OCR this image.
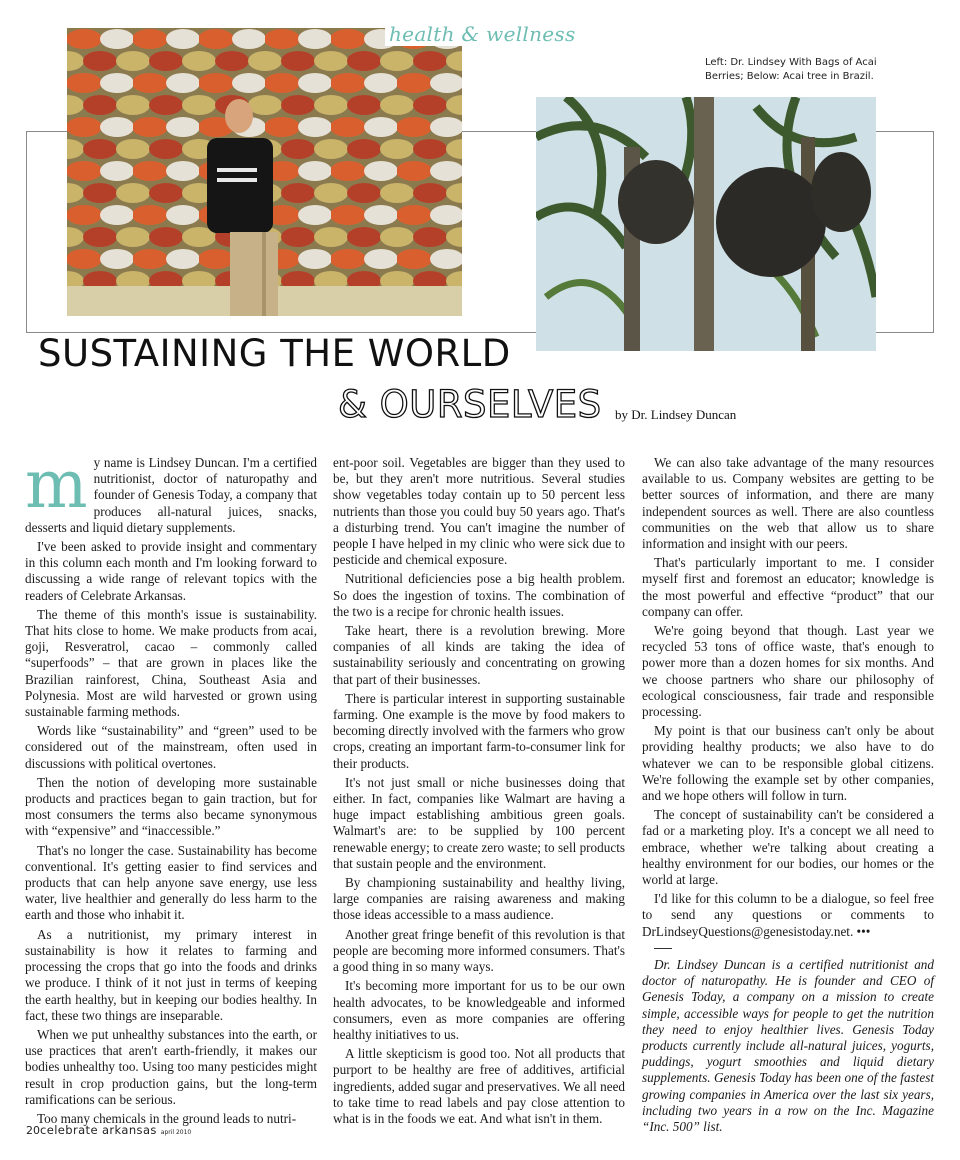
health & wellness
Left: Dr. Lindsey With Bags of Acai Berries; Below: Acai tree in Brazil.
SUSTAINING THE WORLD
& OURSELVES by Dr. Lindsey Duncan

my name is Lindsey Duncan. I'm a certified nutritionist, doctor of naturopathy and founder of Genesis Today, a company that produces all-natural juices, snacks, desserts and liquid dietary supplements.

I've been asked to provide insight and commentary in this column each month and I'm looking forward to discussing a wide range of relevant topics with the readers of Celebrate Arkansas.

The theme of this month's issue is sustainability. That hits close to home. We make products from acai, goji, Resveratrol, cacao – commonly called “superfoods” – that are grown in places like the Brazilian rainforest, China, Southeast Asia and Polynesia. Most are wild harvested or grown using sustainable farming methods.

Words like “sustainability” and “green” used to be considered out of the mainstream, often used in discussions with political overtones.

Then the notion of developing more sustainable products and practices began to gain traction, but for most consumers the terms also became synonymous with “expensive” and “inaccessible.”

That's no longer the case. Sustainability has become conventional. It's getting easier to find services and products that can help anyone save energy, use less water, live healthier and generally do less harm to the earth and those who inhabit it.

As a nutritionist, my primary interest in sustainability is how it relates to farming and processing the crops that go into the foods and drinks we produce. I think of it not just in terms of keeping the earth healthy, but in keeping our bodies healthy. In fact, these two things are inseparable.

When we put unhealthy substances into the earth, or use practices that aren't earth-friendly, it makes our bodies unhealthy too. Using too many pesticides might result in crop production gains, but the long-term ramifications can be serious.

Too many chemicals in the ground leads to nutri-

ent-poor soil. Vegetables are bigger than they used to be, but they aren't more nutritious. Several studies show vegetables today contain up to 50 percent less nutrients than those you could buy 50 years ago. That's a disturbing trend. You can't imagine the number of people I have helped in my clinic who were sick due to pesticide and chemical exposure.

Nutritional deficiencies pose a big health problem. So does the ingestion of toxins. The combination of the two is a recipe for chronic health issues.

Take heart, there is a revolution brewing. More companies of all kinds are taking the idea of sustainability seriously and concentrating on growing that part of their businesses.

There is particular interest in supporting sustainable farming. One example is the move by food makers to becoming directly involved with the farmers who grow crops, creating an important farm-to-consumer link for their products.

It's not just small or niche businesses doing that either. In fact, companies like Walmart are having a huge impact establishing ambitious green goals. Walmart's are: to be supplied by 100 percent renewable energy; to create zero waste; to sell products that sustain people and the environment.

By championing sustainability and healthy living, large companies are raising awareness and making those ideas accessible to a mass audience.

Another great fringe benefit of this revolution is that people are becoming more informed consumers. That's a good thing in so many ways.

It's becoming more important for us to be our own health advocates, to be knowledgeable and informed consumers, even as more companies are offering healthy initiatives to us.

A little skepticism is good too. Not all products that purport to be healthy are free of additives, artificial ingredients, added sugar and preservatives. We all need to take time to read labels and pay close attention to what is in the foods we eat. And what isn't in them.

We can also take advantage of the many resources available to us. Company websites are getting to be better sources of information, and there are many independent sources as well. There are also countless communities on the web that allow us to share information and insight with our peers.

That's particularly important to me. I consider myself first and foremost an educator; knowledge is the most powerful and effective “product” that our company can offer.

We're going beyond that though. Last year we recycled 53 tons of office waste, that's enough to power more than a dozen homes for six months. And we choose partners who share our philosophy of ecological consciousness, fair trade and responsible processing.

My point is that our business can't only be about providing healthy products; we also have to do whatever we can to be responsible global citizens. We're following the example set by other companies, and we hope others will follow in turn.

The concept of sustainability can't be considered a fad or a marketing ploy. It's a concept we all need to embrace, whether we're talking about creating a healthy environment for our bodies, our homes or the world at large.

I'd like for this column to be a dialogue, so feel free to send any questions or comments to DrLindseyQuestions@genesistoday.net. •••

Dr. Lindsey Duncan is a certified nutritionist and doctor of naturopathy. He is founder and CEO of Genesis Today, a company on a mission to create simple, accessible ways for people to get the nutrition they need to enjoy healthier lives. Genesis Today products currently include all-natural juices, yogurts, puddings, yogurt smoothies and liquid dietary supplements. Genesis Today has been one of the fastest growing companies in America over the last six years, including two years in a row on the Inc. Magazine “Inc. 500” list.

20celebrate arkansas april 2010
